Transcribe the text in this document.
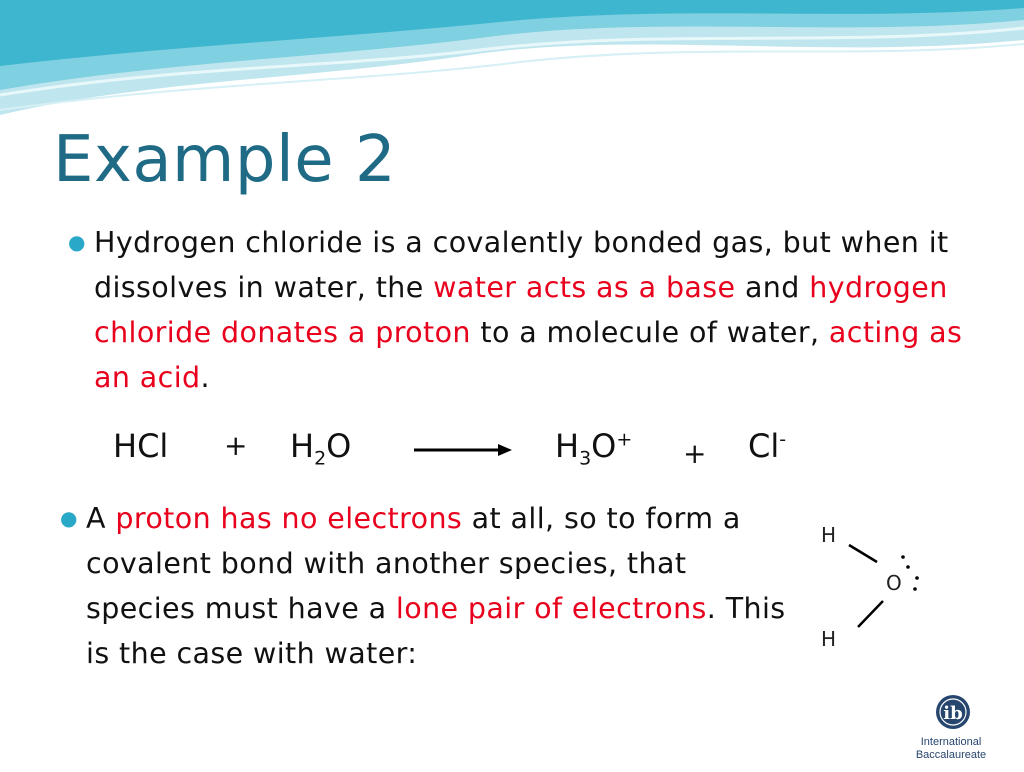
Example 2
● Hydrogen chloride is a covalently bonded gas, but when it dissolves in water, the water acts as a base and hydrogen chloride donates a proton to a molecule of water, acting as an acid.
HCl + $H_2O$	$H_3O^+ + Cl^-$
● A proton has no electrons at all, so to form a covalent bond with another species, that species must have a lone pair of electrons. This is the case with water:
H
O
H
ib
International
Baccalaureate
